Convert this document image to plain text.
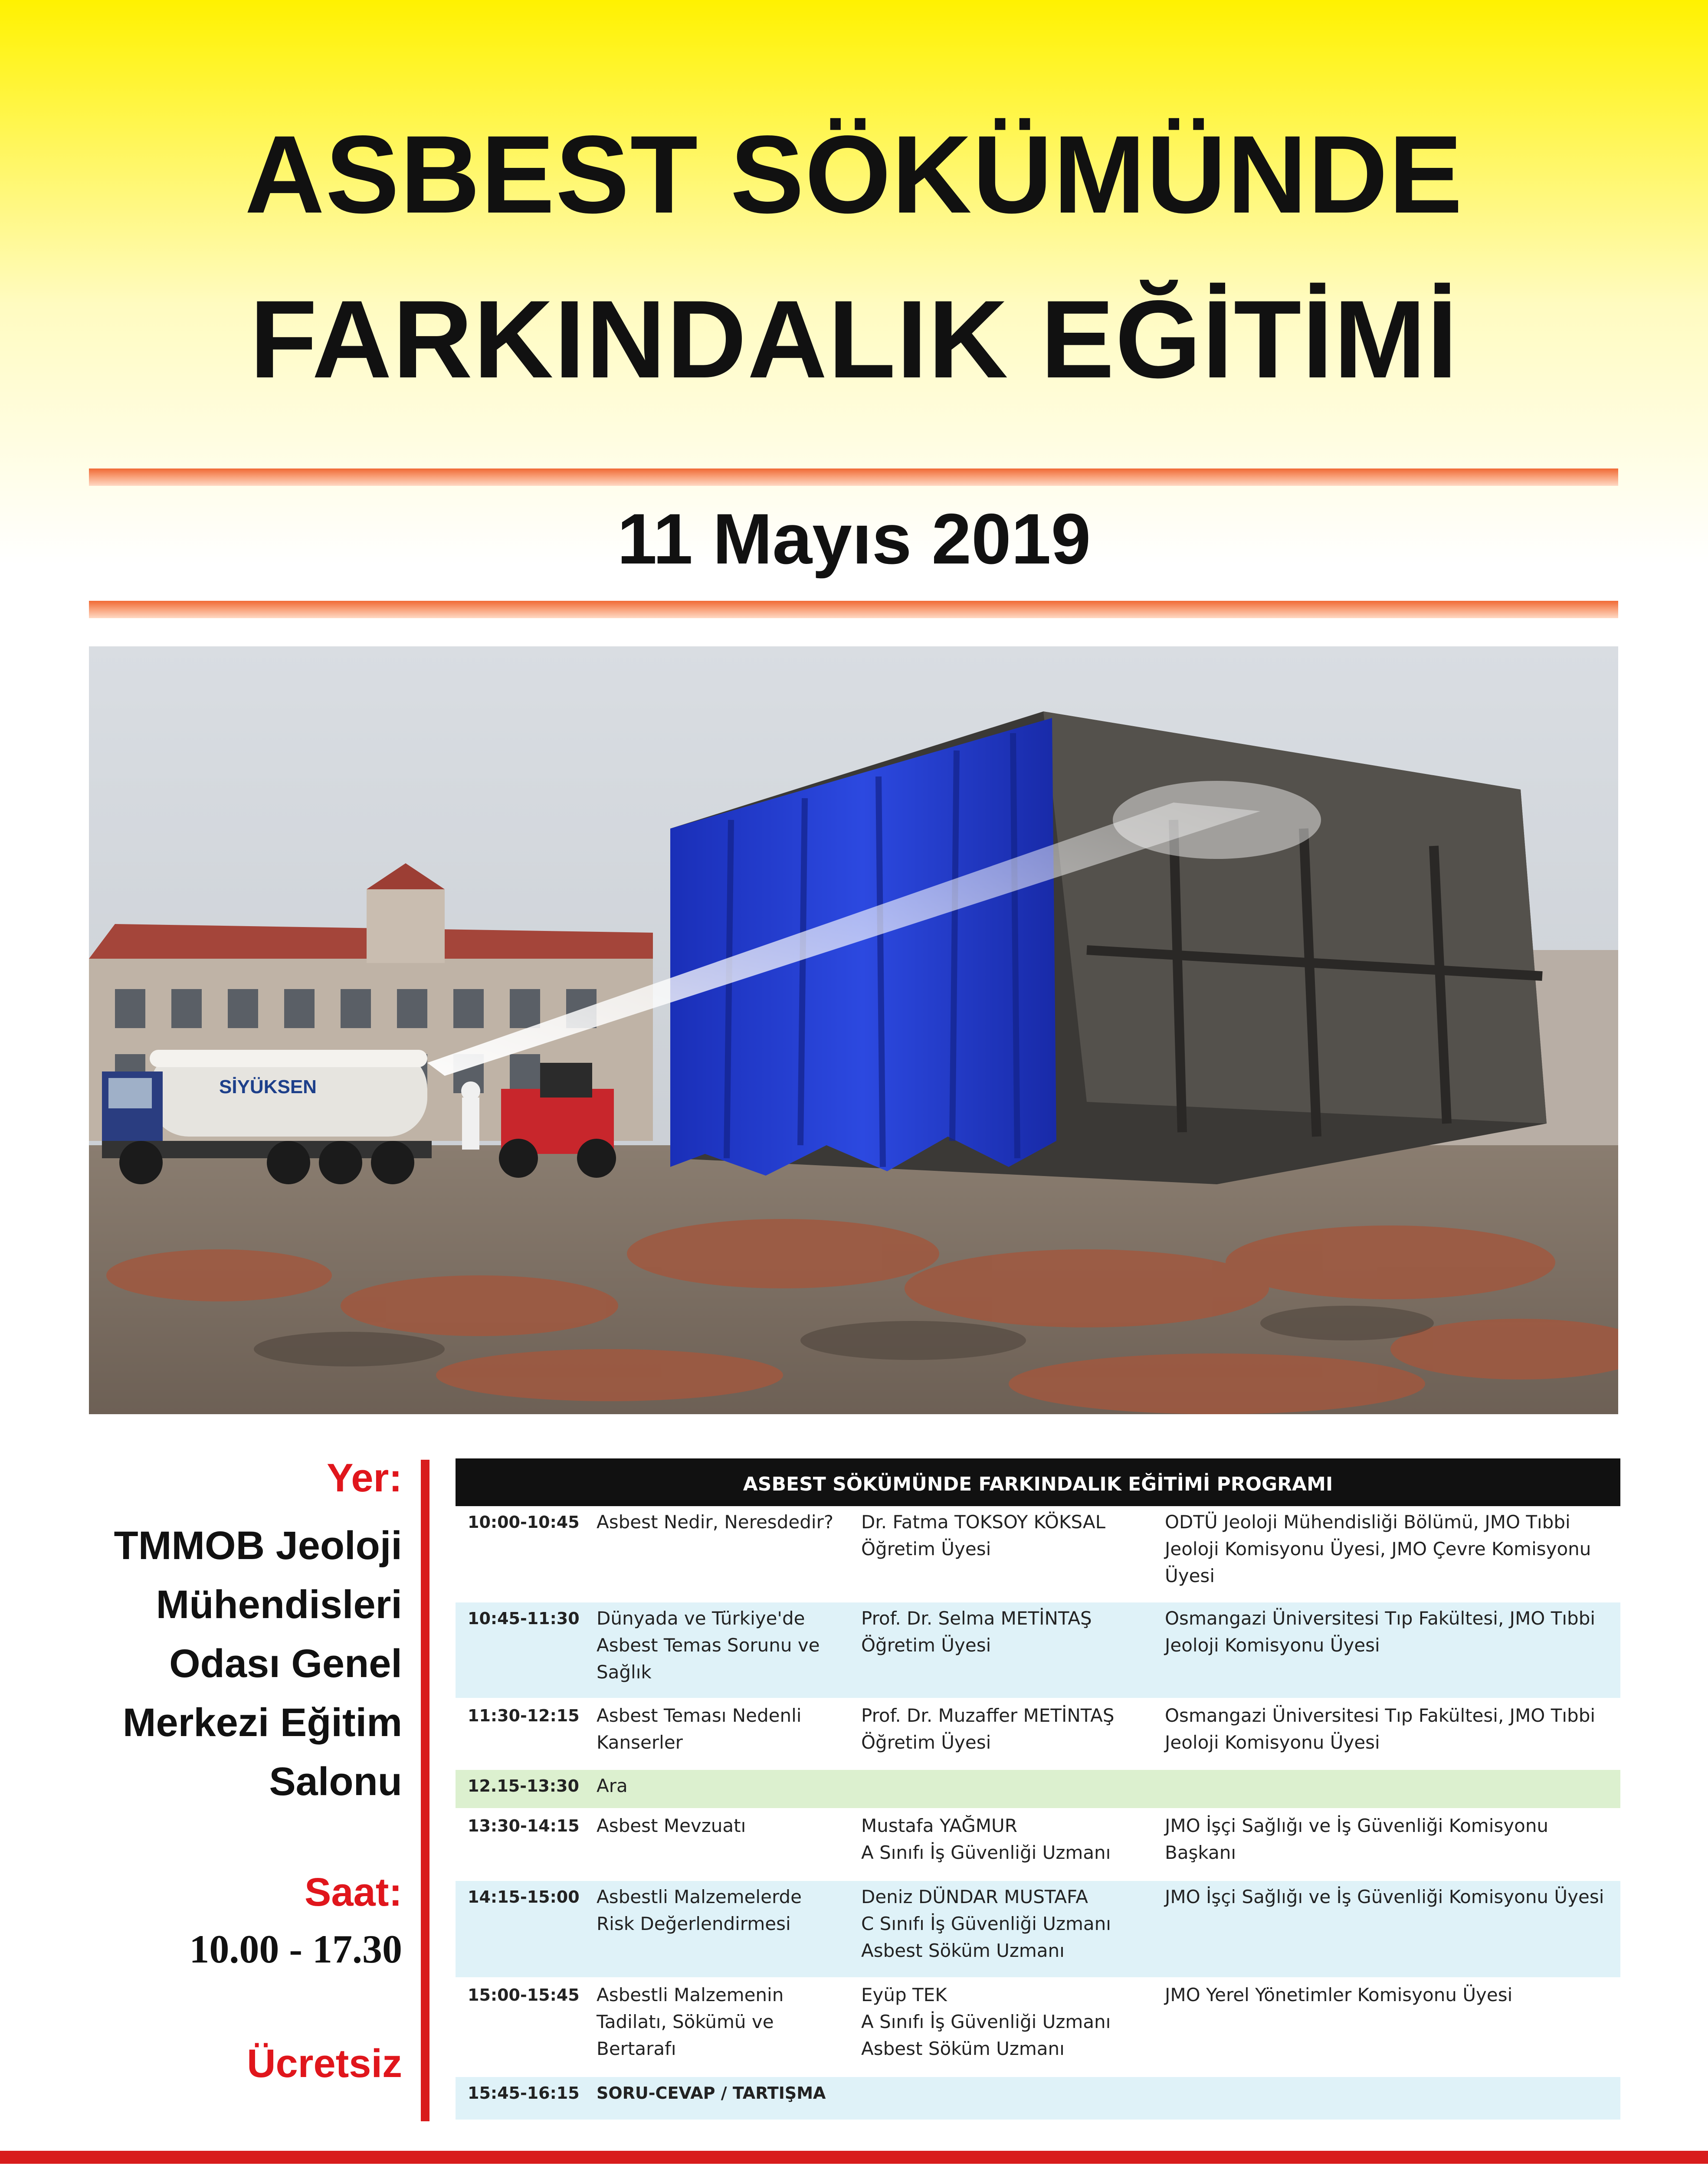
ASBEST SÖKÜMÜNDE
FARKINDALIK EĞİTİMİ
11 Mayıs 2019
SİYÜKSEN
Yer:
TMMOB Jeoloji
Mühendisleri
Odası Genel
Merkezi Eğitim
Salonu
Saat:
10.00 - 17.30
Ücretsiz
ASBEST SÖKÜMÜNDE FARKINDALIK EĞİTİMİ PROGRAMI
10:00-10:45 Asbest Nedir, Neresdedir?	Dr. Fatma TOKSOY KÖKSAL
Öğretim Üyesi
ODTÜ Jeoloji Mühendisliği Bölümü, JMO Tıbbi Jeoloji Komisyonu Üyesi, JMO Çevre Komisyonu Üyesi
10:45-11:30 Dünyada ve Türkiye'de Asbest Temas Sorunu ve Sağlık
Prof. Dr. Selma METİNTAŞ
Öğretim Üyesi
Osmangazi Üniversitesi Tıp Fakültesi, JMO Tıbbi Jeoloji Komisyonu Üyesi
11:30-12:15 Asbest Teması Nedenli Kanserler
Prof. Dr. Muzaffer METİNTAŞ
Öğretim Üyesi
Osmangazi Üniversitesi Tıp Fakültesi, JMO Tıbbi Jeoloji Komisyonu Üyesi
12.15-13:30 Ara
13:30-14:15 Asbest Mevzuatı	Mustafa YAĞMUR
A Sınıfı İş Güvenliği Uzmanı
JMO İşçi Sağlığı ve İş Güvenliği Komisyonu Başkanı
14:15-15:00 Asbestli Malzemelerde Risk Değerlendirmesi
Deniz DÜNDAR MUSTAFA
C Sınıfı İş Güvenliği Uzmanı
Asbest Söküm Uzmanı
JMO İşçi Sağlığı ve İş Güvenliği Komisyonu Üyesi
15:00-15:45 Asbestli Malzemenin Tadilatı, Sökümü ve Bertarafı
Eyüp TEK
A Sınıfı İş Güvenliği Uzmanı
Asbest Söküm Uzmanı
JMO Yerel Yönetimler Komisyonu Üyesi
15:45-16:15 SORU-CEVAP / TARTIŞMA
